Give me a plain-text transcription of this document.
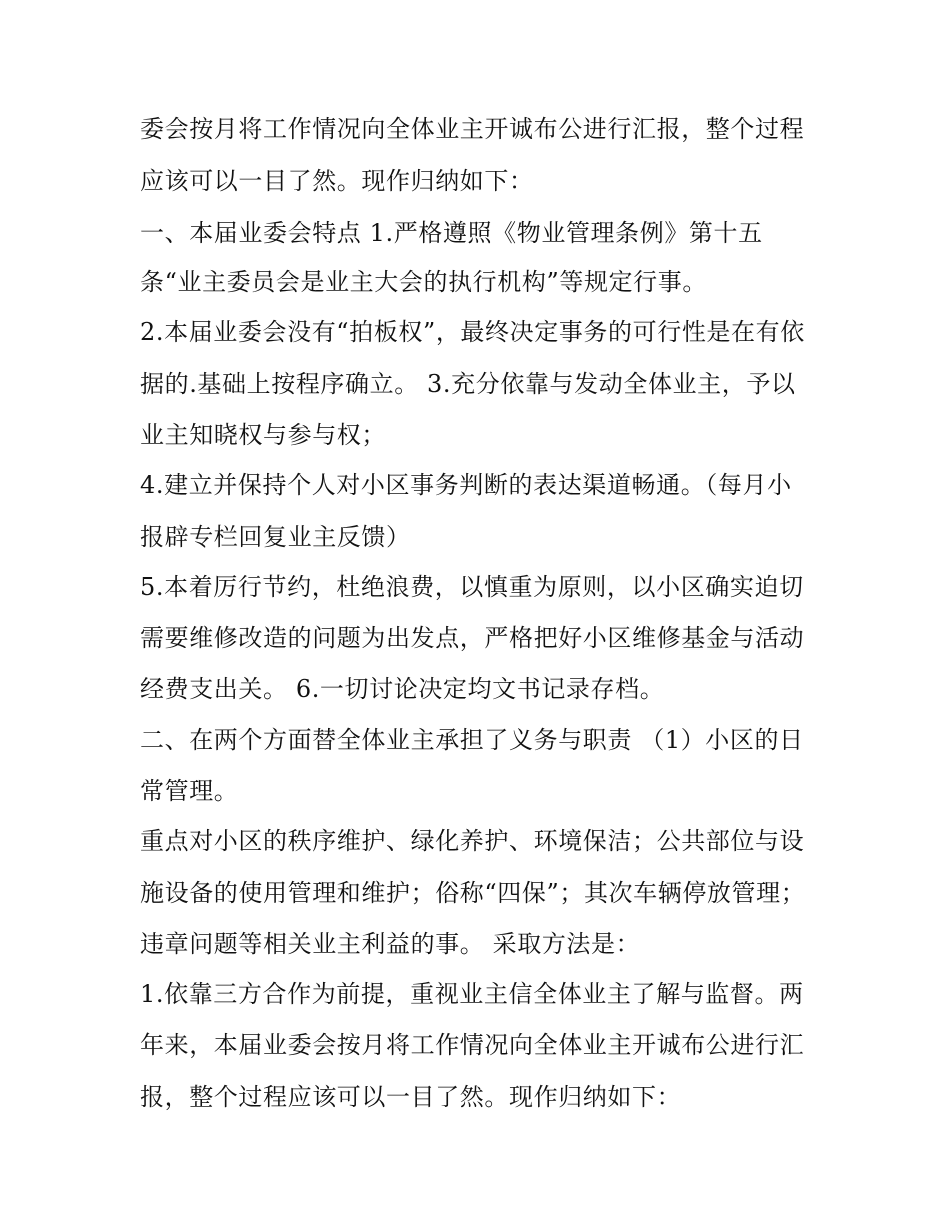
委会按月将工作情况向全体业主开诚布公进行汇报，整个过程
应该可以一目了然。现作归纳如下：
一、本届业委会特点 1.严格遵照《物业管理条例》第十五
条“业主委员会是业主大会的执行机构”等规定行事。
2.本届业委会没有“拍板权”，最终决定事务的可行性是在有依
据的.基础上按程序确立。 3.充分依靠与发动全体业主，予以
业主知晓权与参与权；
4.建立并保持个人对小区事务判断的表达渠道畅通。（每月小
报辟专栏回复业主反馈）
5.本着厉行节约，杜绝浪费，以慎重为原则，以小区确实迫切
需要维修改造的问题为出发点，严格把好小区维修基金与活动
经费支出关。 6.一切讨论决定均文书记录存档。
二、在两个方面替全体业主承担了义务与职责 （1）小区的日
常管理。
重点对小区的秩序维护、绿化养护、环境保洁；公共部位与设
施设备的使用管理和维护；俗称“四保”；其次车辆停放管理；
违章问题等相关业主利益的事。 采取方法是：
1.依靠三方合作为前提，重视业主信全体业主了解与监督。两
年来，本届业委会按月将工作情况向全体业主开诚布公进行汇
报，整个过程应该可以一目了然。现作归纳如下：
